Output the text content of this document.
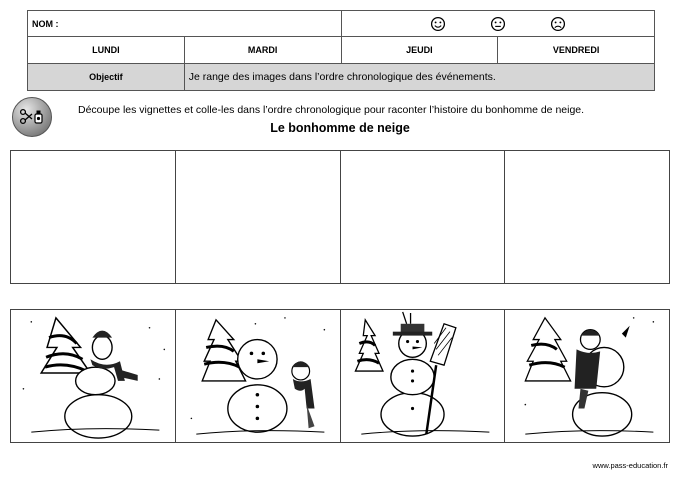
NOM :	

LUNDI	MARDI	JEUDI	VENDREDI
Objectif	Je range des images dans l’ordre chronologique des événements.		
Découpe les vignettes et colle-les dans l’ordre chronologique pour raconter l’histoire du bonhomme de neige.
Le bonhomme de neige
www.pass-education.fr
